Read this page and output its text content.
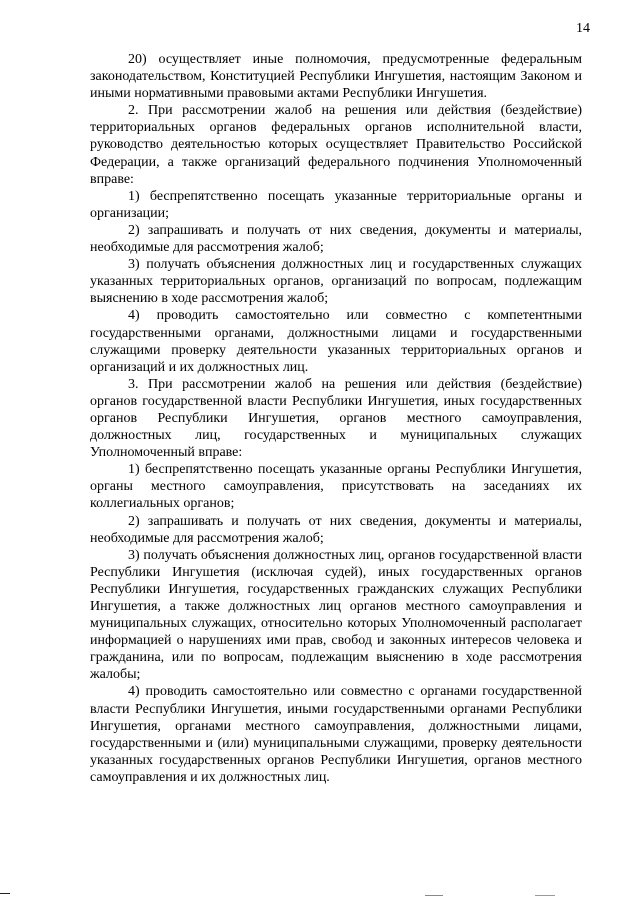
14

20) осуществляет иные полномочия, предусмотренные федеральным законодательством, Конституцией Республики Ингушетия, настоящим Законом и иными нормативными правовыми актами Республики Ингушетия.

2. При рассмотрении жалоб на решения или действия (бездействие) территориальных органов федеральных органов исполнительной власти, руководство деятельностью которых осуществляет Правительство Российской Федерации, а также организаций федерального подчинения Уполномоченный вправе:

1) беспрепятственно посещать указанные территориальные органы и организации;

2) запрашивать и получать от них сведения, документы и материалы, необходимые для рассмотрения жалоб;

3) получать объяснения должностных лиц и государственных служащих указанных территориальных органов, организаций по вопросам, подлежащим выяснению в ходе рассмотрения жалоб;

4) проводить самостоятельно или совместно с компетентными государственными органами, должностными лицами и государственными служащими проверку деятельности указанных территориальных органов и организаций и их должностных лиц.

3. При рассмотрении жалоб на решения или действия (бездействие) органов государственной власти Республики Ингушетия, иных государственных органов Республики Ингушетия, органов местного самоуправления, должностных лиц, государственных и муниципальных служащих Уполномоченный вправе:

1) беспрепятственно посещать указанные органы Республики Ингушетия, органы местного самоуправления, присутствовать на заседаниях их коллегиальных органов;

2) запрашивать и получать от них сведения, документы и материалы, необходимые для рассмотрения жалоб;

3) получать объяснения должностных лиц, органов государственной власти Республики Ингушетия (исключая судей), иных государственных органов Республики Ингушетия, государственных гражданских служащих Республики Ингушетия, а также должностных лиц органов местного самоуправления и муниципальных служащих, относительно которых Уполномоченный располагает информацией о нарушениях ими прав, свобод и законных интересов человека и гражданина, или по вопросам, подлежащим выяснению в ходе рассмотрения жалобы;

4) проводить самостоятельно или совместно с органами государственной власти Республики Ингушетия, иными государственными органами Республики Ингушетия, органами местного самоуправления, должностными лицами, государственными и (или) муниципальными служащими, проверку деятельности указанных государственных органов Республики Ингушетия, органов местного самоуправления и их должностных лиц.
